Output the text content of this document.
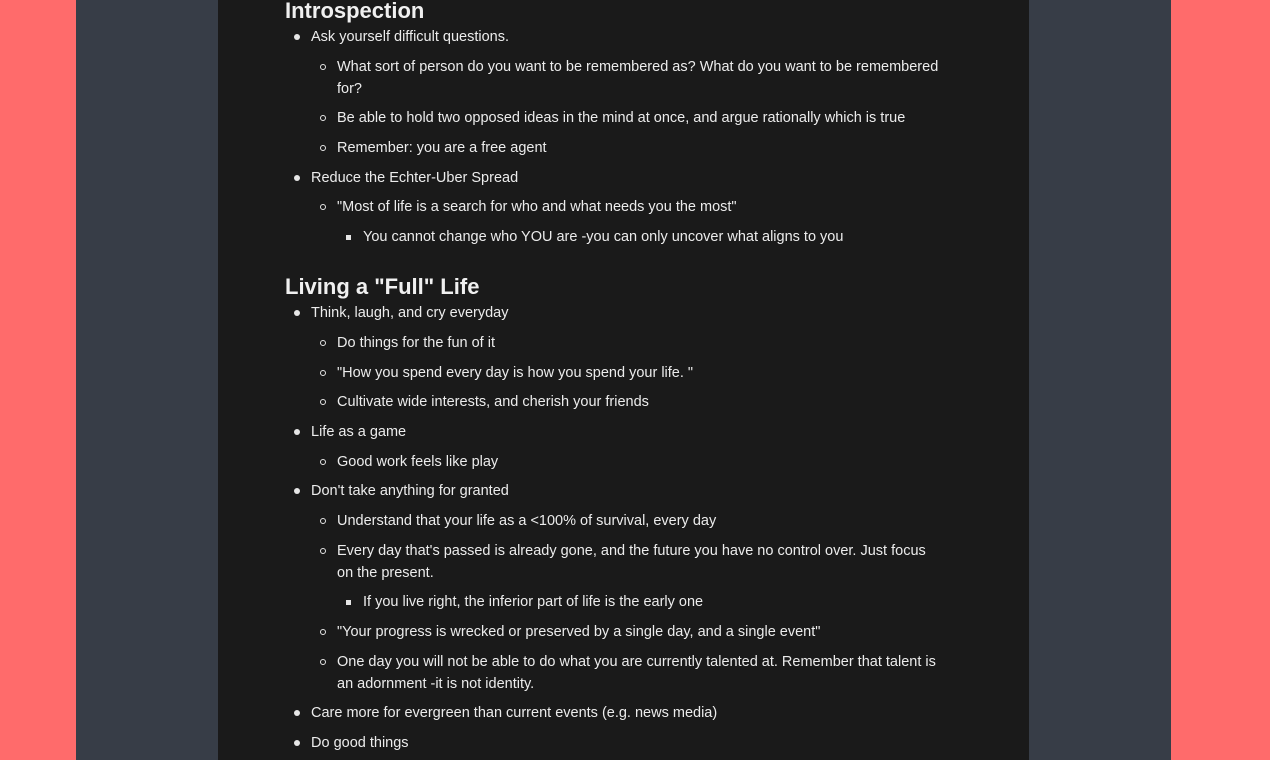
Introspection
Ask yourself difficult questions.
What sort of person do you want to be remembered as? What do you want to be remembered for?
Be able to hold two opposed ideas in the mind at once, and argue rationally which is true
Remember: you are a free agent
Reduce the Echter-Uber Spread
"Most of life is a search for who and what needs you the most"
You cannot change who YOU are -you can only uncover what aligns to you
Living a "Full" Life
Think, laugh, and cry everyday
Do things for the fun of it
"How you spend every day is how you spend your life. "
Cultivate wide interests, and cherish your friends
Life as a game
Good work feels like play
Don't take anything for granted
Understand that your life as a <100% of survival, every day
Every day that's passed is already gone, and the future you have no control over. Just focus on the present.
If you live right, the inferior part of life is the early one
"Your progress is wrecked or preserved by a single day, and a single event"
One day you will not be able to do what you are currently talented at. Remember that talent is an adornment -it is not identity.
Care more for evergreen than current events (e.g. news media)
Do good things
